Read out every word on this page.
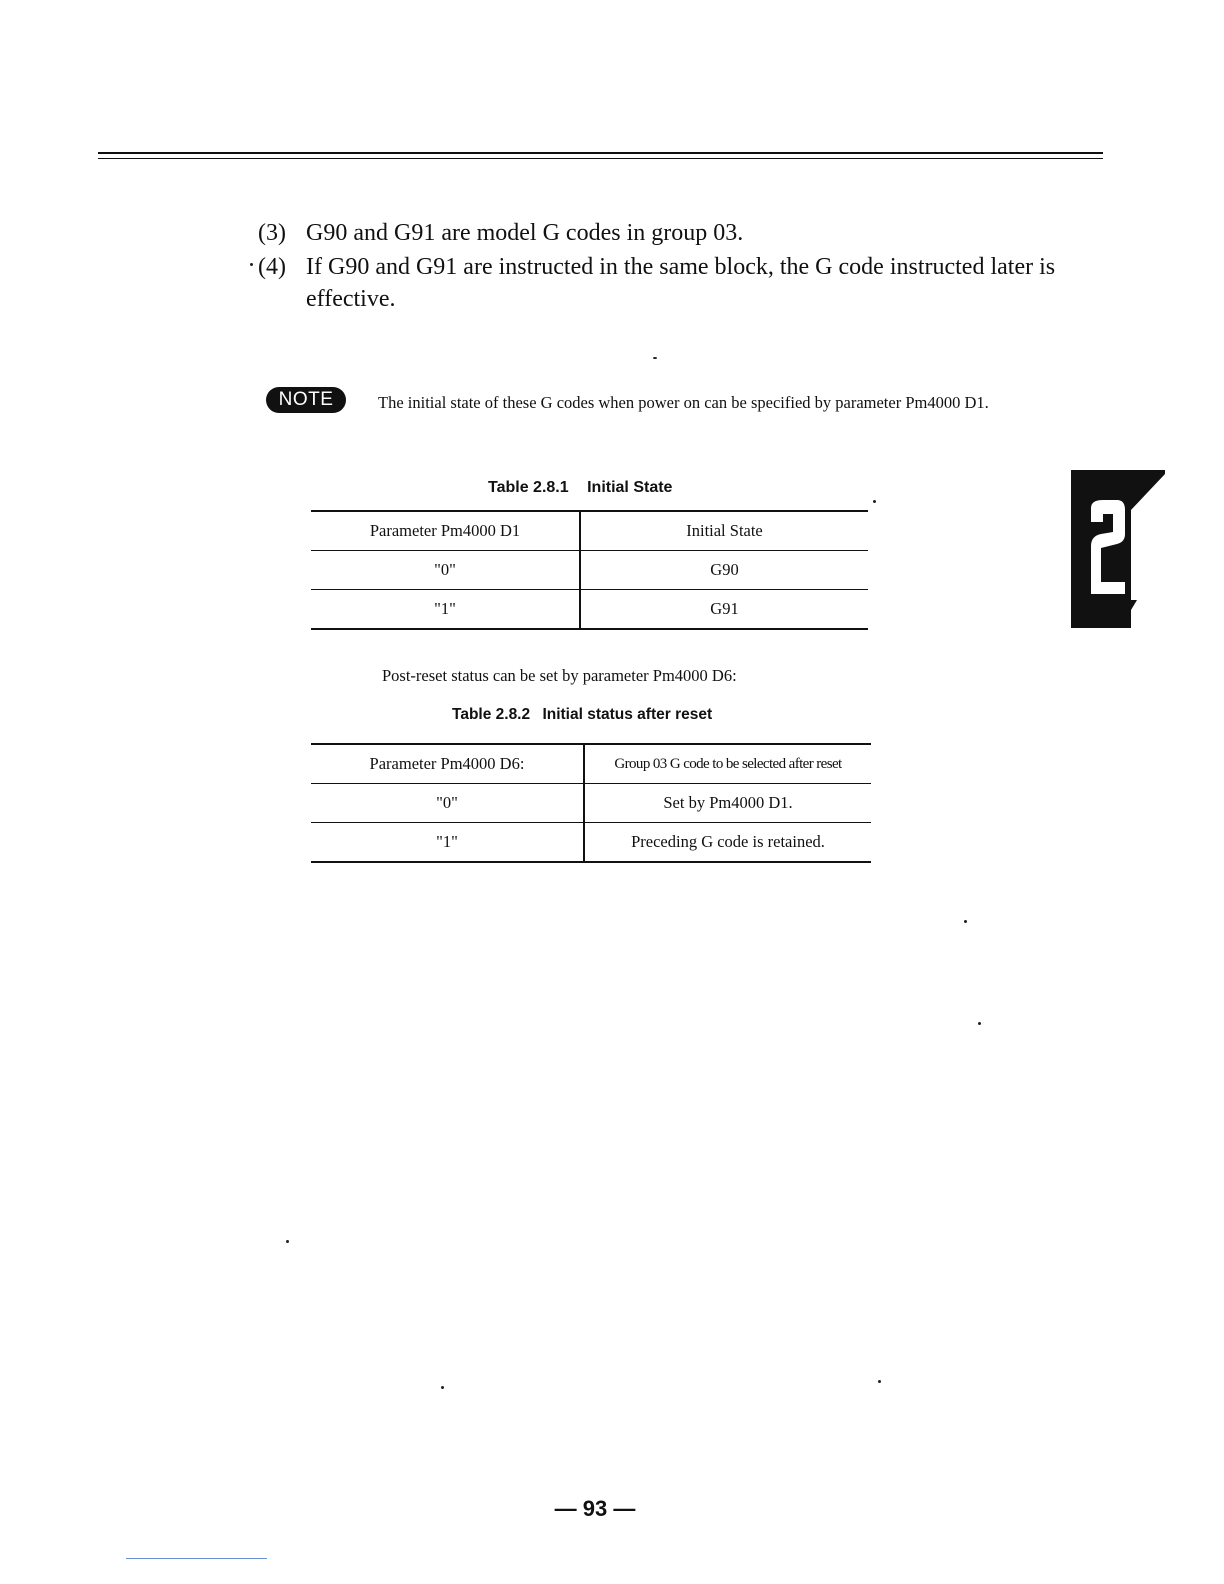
(3) G90 and G91 are model G codes in group 03.
(4) If G90 and G91 are instructed in the same block, the G code instructed later is effective.
NOTE	The initial state of these G codes when power on can be specified by parameter Pm4000 D1.
Table 2.8.1 Initial State
Parameter Pm4000 D1	Initial State
"0"	G90
"1"	G91
Post-reset status can be set by parameter Pm4000 D6:
Table 2.8.2 Initial status after reset
Parameter Pm4000 D6:	Group 03 G code to be selected after reset
"0"	Set by Pm4000 D1.
"1"	Preceding G code is retained.
— 93 —
